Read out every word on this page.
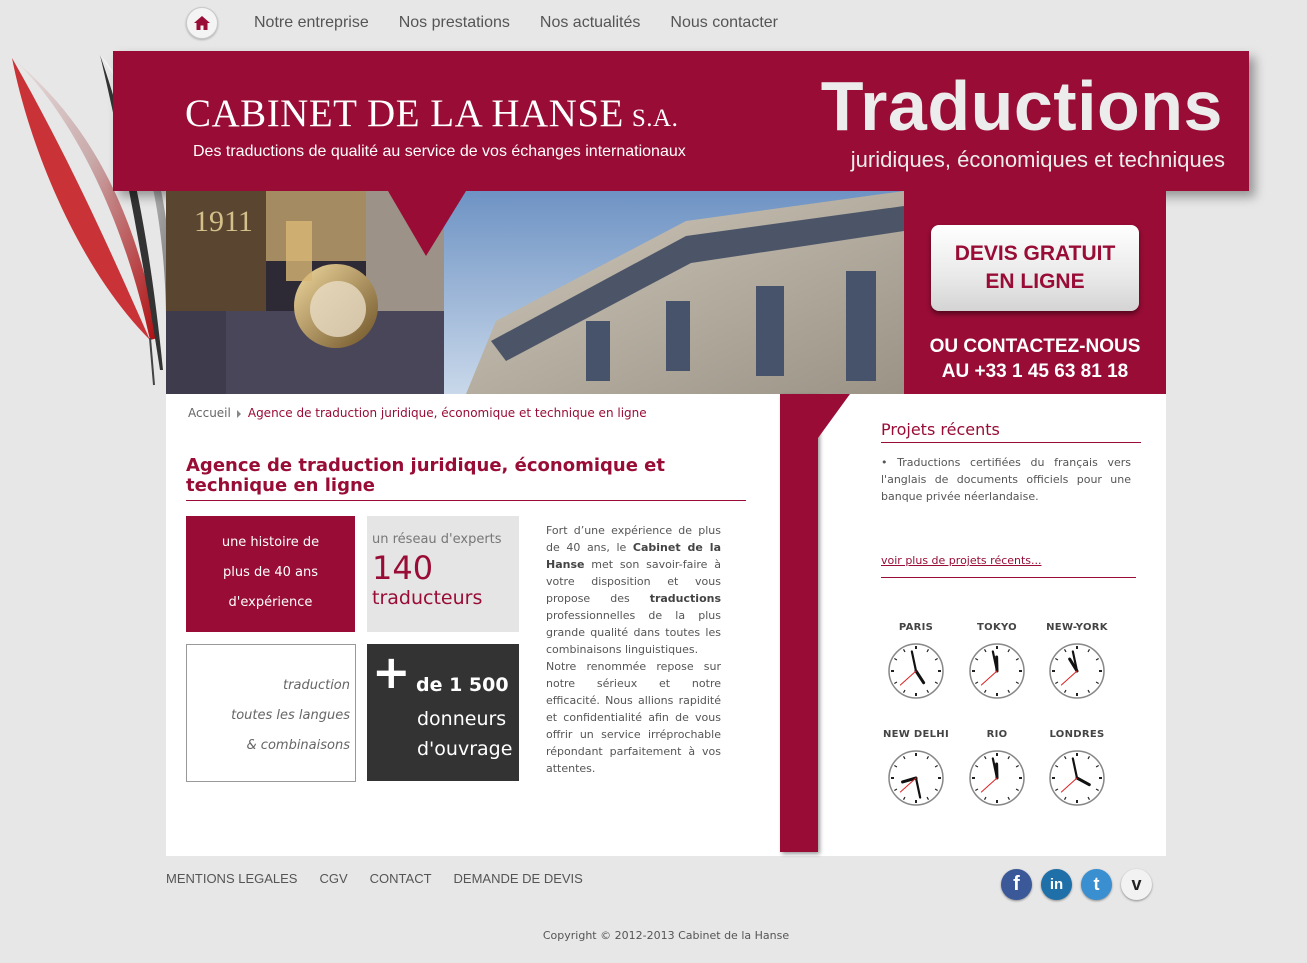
Notre entreprise Nos prestations Nos actualités Nous contacter
CABINET DE LA HANSE S.A.
Des traductions de qualité au service de vos échanges internationaux
Traductions
juridiques, économiques et techniques
1911
DEVIS GRATUIT
EN LIGNE
OU CONTACTEZ-NOUS
AU +33 1 45 63 81 18
Accueil Agence de traduction juridique, économique et technique en ligne
Agence de traduction juridique, économique et technique en ligne
une histoire de
plus de 40 ans
d'expérience
un réseau d'experts
140
traducteurs
traduction
toutes les langues
& combinaisons
+ de 1 500
donneurs
d'ouvrage

Fort d’une expérience de plus de 40 ans, le Cabinet de la Hanse met son savoir-faire à votre disposition et vous propose des traductions professionnelles de la plus grande qualité dans toutes les combinaisons linguistiques.
Notre renommée repose sur notre sérieux et notre efficacité. Nous allions rapidité et confidentialité afin de vous offrir un service irréprochable répondant parfaitement à vos attentes.

Projets récents

• Traductions certifiées du français vers l'anglais de documents officiels pour une banque privée néerlandaise.

voir plus de projets récents...
PARIS	TOKYO	NEW-YORK
NEW DELHI	RIO	LONDRES
MENTIONS LEGALES CGV CONTACT DEMANDE DE DEVIS	f	in	t	v
Copyright © 2012-2013 Cabinet de la Hanse
